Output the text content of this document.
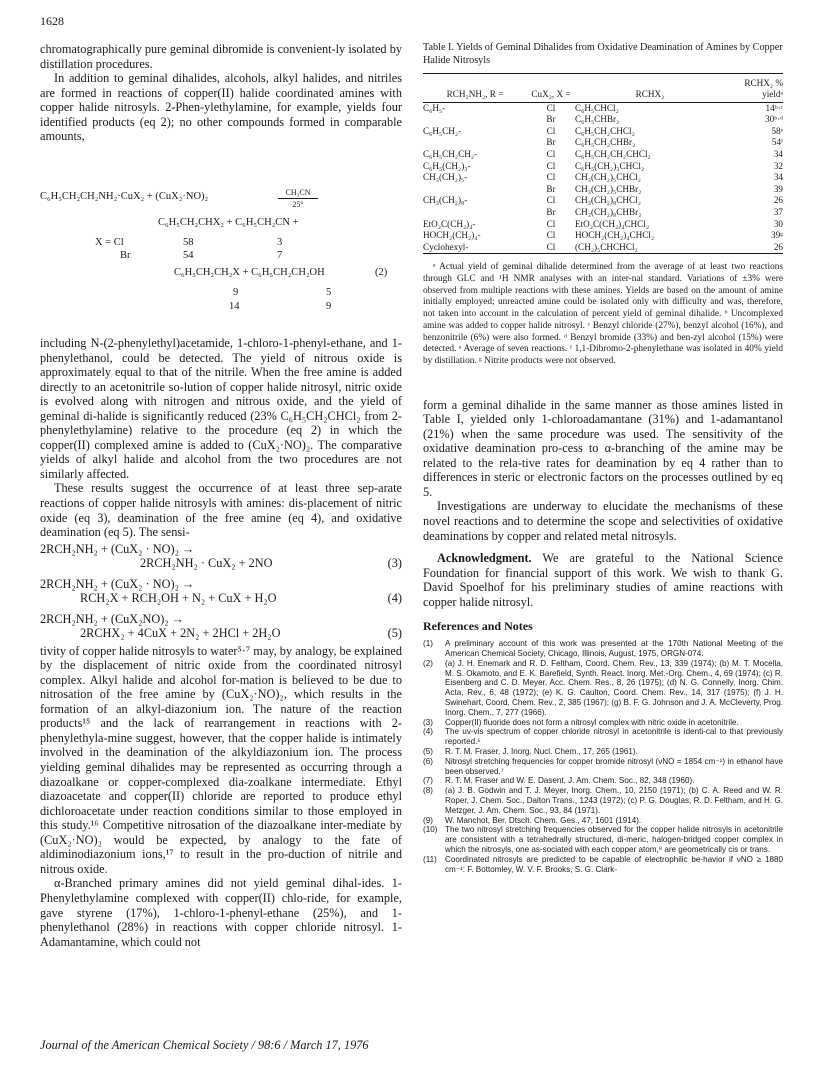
1628

chromatographically pure geminal dibromide is convenient-ly isolated by distillation procedures.

In addition to geminal dihalides, alcohols, alkyl halides, and nitriles are formed in reactions of copper(II) halide coordinated amines with copper halide nitrosyls. 2-Phen-ylethylamine, for example, yields four identified products (eq 2); no other compounds formed in comparable amounts,

C₆H₅CH₂CH₂NH₂·CuX₂ + (CuX₂·NO)₂	CH₃CN
25°
C₆H₅CH₂CHX₂ + C₆H₅CH₂CN +
X = Cl	58	3
Br	54	7
C₆H₅CH₂CH₂X + C₆H₅CH₂CH₂OH	(2)
9	5
14	9

including N-(2-phenylethyl)acetamide, 1-chloro-1-phenyl-ethane, and 1-phenylethanol, could be detected. The yield of nitrous oxide is approximately equal to that of the nitrile. When the free amine is added directly to an acetonitrile so-lution of copper halide nitrosyl, nitric oxide is evolved along with nitrogen and nitrous oxide, and the yield of geminal di-halide is significantly reduced (23% C₆H₅CH₂CHCl₂ from 2-phenylethylamine) relative to the procedure (eq 2) in which the copper(II) complexed amine is added to (CuX₂·NO)₂. The comparative yields of alkyl halide and alcohol from the two procedures are not similarly affected.

These results suggest the occurrence of at least three sep-arate reactions of copper halide nitrosyls with amines: dis-placement of nitric oxide (eq 3), deamination of the free amine (eq 4), and oxidative deamination (eq 5). The sensi-

2RCH₂NH₂ + (CuX₂ · NO)₂ →
2RCH₂NH₂ · CuX₂ + 2NO	(3)
2RCH₂NH₂ + (CuX₂ · NO)₂ →
RCH₂X + RCH₂OH + N₂ + CuX + H₂O	(4)
2RCH₂NH₂ + (CuX₂NO)₂ →
2RCHX₂ + 4CuX + 2N₂ + 2HCl + 2H₂O	(5)

tivity of copper halide nitrosyls to water⁵·⁷ may, by analogy, be explained by the displacement of nitric oxide from the coordinated nitrosyl complex. Alkyl halide and alcohol for-mation is believed to be due to nitrosation of the free amine by (CuX₂·NO)₂, which results in the formation of an alkyl-diazonium ion. The nature of the reaction products¹⁵ and the lack of rearrangement in reactions with 2-phenylethyla-mine suggest, however, that the copper halide is intimately involved in the deamination of the alkyldiazonium ion. The process yielding geminal dihalides may be represented as occurring through a diazoalkane or copper-complexed dia-zoalkane intermediate. Ethyl diazoacetate and copper(II) chloride are reported to produce ethyl dichloroacetate under reaction conditions similar to those employed in this study.¹⁶ Competitive nitrosation of the diazoalkane inter-mediate by (CuX₂·NO)₂ would be expected, by analogy to the fate of aldiminodiazonium ions,¹⁷ to result in the pro-duction of nitrile and nitrous oxide.

α-Branched primary amines did not yield geminal dihal-ides. 1-Phenylethylamine complexed with copper(II) chlo-ride, for example, gave styrene (17%), 1-chloro-1-phenyl-ethane (25%), and 1-phenylethanol (28%) in reactions with copper chloride nitrosyl. 1-Adamantamine, which could not

Table I. Yields of Geminal Dihalides from Oxidative Deamination of Amines by Copper Halide Nitrosyls
RCH₂NH₂, R =	CuX₂, X =	RCHX₂	RCHX₂ % yieldᵃ
C₆H₅-	Cl	C₆H₅CHCl₂	14ᵇ·ᶜ
	Br	C₆H₅CHBr₂	30ᵇ·ᵈ
C₆H₅CH₂-	Cl	C₆H₅CH₂CHCl₂	58ᵉ
	Br	C₆H₅CH₂CHBr₂	54ᶠ
C₆H₅CH₂CH₂-	Cl	C₆H₅CH₂CH₂CHCl₂	34
C₆H₅(CH₂)₃-	Cl	C₆H₅(CH₂)₃CHCl₂	32
CH₃(CH₂)₅-	Cl	CH₃(CH₂)₅CHCl₂	34
	Br	CH₃(CH₂)₅CHBr₂	39
CH₃(CH₂)₈-	Cl	CH₃(CH₂)₈CHCl₂	26
	Br	CH₃(CH₂)₈CHBr₂	37
EtO₂C(CH₂)₄-	Cl	EtO₂C(CH₂)₄CHCl₂	30
HOCH₂(CH₂)₄-	Cl	HOCH₂(CH₂)₄CHCl₂	39ᵍ
Cyclohexyl-	Cl	(CH₂)₅CHCHCl₂	26
ᵃ Actual yield of geminal dihalide determined from the average of at least two reactions through GLC and ¹H NMR analyses with an inter-nal standard. Variations of ±3% were observed from multiple reactions with these amines. Yields are based on the amount of amine initially employed; unreacted amine could be isolated only with difficulty and was, therefore, not taken into account in the calculation of percent yield of geminal dihalide. ᵇ Uncomplexed amine was added to copper halide nitrosyl. ᶜ Benzyl chloride (27%), benzyl alcohol (16%), and benzonitrile (6%) were also formed. ᵈ Benzyl bromide (33%) and ben-zyl alcohol (15%) were detected. ᵉ Average of seven reactions. ᶠ 1,1-Dibromo-2-phenylethane was isolated in 40% yield by distillation. ᵍ Nitrite products were not observed.

form a geminal dihalide in the same manner as those amines listed in Table I, yielded only 1-chloroadamantane (31%) and 1-adamantanol (21%) when the same procedure was used. The sensitivity of the oxidative deamination pro-cess to α-branching of the amine may be related to the rela-tive rates for deamination by eq 4 rather than to differences in steric or electronic factors on the processes outlined by eq 5.

Investigations are underway to elucidate the mechanisms of these novel reactions and to determine the scope and selectivities of oxidative deaminations by copper and related metal nitrosyls.

Acknowledgment. We are grateful to the National Science Foundation for financial support of this work. We wish to thank G. David Spoelhof for his preliminary studies of amine reactions with copper halide nitrosyl.

References and Notes
(1) A preliminary account of this work was presented at the 170th National Meeting of the American Chemical Society, Chicago, Illinois, August, 1975, ORGN-074.
(2) (a) J. H. Enemark and R. D. Feltham, Coord. Chem. Rev., 13, 339 (1974); (b) M. T. Mocella, M. S. Okamoto, and E. K. Barefield, Synth. React. Inorg. Met.-Org. Chem., 4, 69 (1974); (c) R. Eisenberg and C. D. Meyer, Acc. Chem. Res., 8, 26 (1975); (d) N. G. Connelly, Inorg. Chim. Acta, Rev., 6, 48 (1972); (e) K. G. Caulton, Coord. Chem. Rev., 14, 317 (1975); (f) J. H. Swinehart, Coord. Chem. Rev., 2, 385 (1967); (g) B. F. G. Johnson and J. A. McCleverty, Prog. Inorg. Chem., 7, 277 (1966).
(3) Copper(II) fluoride does not form a nitrosyl complex with nitric oxide in acetonitrile.
(4) The uv-vis spectrum of copper chloride nitrosyl in acetonitrile is identi-cal to that previously reported.⁵
(5) R. T. M. Fraser, J. Inorg. Nucl. Chem., 17, 265 (1961).
(6) Nitrosyl stretching frequencies for copper bromide nitrosyl (νNO = 1854 cm⁻¹) in ethanol have been observed.⁷
(7) R. T. M. Fraser and W. E. Dasent, J. Am. Chem. Soc., 82, 348 (1960).
(8) (a) J. B. Godwin and T. J. Meyer, Inorg. Chem., 10, 2150 (1971); (b) C. A. Reed and W. R. Roper, J. Chem. Soc., Dalton Trans., 1243 (1972); (c) P. G. Douglas, R. D. Feltham, and H. G. Metzger, J. Am. Chem. Soc., 93, 84 (1971).
(9) W. Manchot, Ber. Dtsch. Chem. Ges., 47, 1601 (1914).
(10) The two nitrosyl stretching frequencies observed for the copper halide nitrosyls in acetonitrile are consistent with a tetrahedrally structured, di-meric, halogen-bridged copper complex in which the nitrosyls, one as-sociated with each copper atom,⁸ are geometrically cis or trans.
(11) Coordinated nitrosyls are predicted to be capable of electrophilic be-havior if νNO ≥ 1880 cm⁻¹: F. Bottomley, W. V. F. Brooks, S. G. Clark-
Journal of the American Chemical Society / 98:6 / March 17, 1976
